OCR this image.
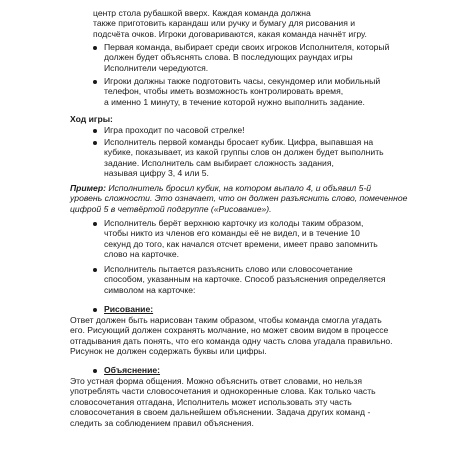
центр стола рубашкой вверх. Каждая команда должна
также приготовить карандаш или ручку и бумагу для рисования и
подсчёта очков. Игроки договариваются, какая команда начнёт игру.
Первая команда, выбирает среди своих игроков Исполнителя, который
должен будет объяснять слова. В последующих раундах игры
Исполнители чередуются.
Игроки должны также подготовить часы, секундомер или мобильный
телефон, чтобы иметь возможность контролировать время,
а именно 1 минуту, в течение которой нужно выполнить задание.
Ход игры:
Игра проходит по часовой стрелке!
Исполнитель первой команды бросает кубик. Цифра, выпавшая на
кубике, показывает, из какой группы слов он должен будет выполнить
задание. Исполнитель сам выбирает сложность задания,
называя цифру 3, 4 или 5.
Пример: Исполнитель бросил кубик, на котором выпало 4, и объявил 5-й
уровень сложности. Это означает, что он должен разъяснить слово, помеченное
цифрой 5 в четвёртой подгруппе («Рисование»).
Исполнитель берёт верхнюю карточку из колоды таким образом,
чтобы никто из членов его команды её не видел, и в течение 10
секунд до того, как начался отсчет времени, имеет право запомнить
слово на карточке.
Исполнитель пытается разъяснить слово или словосочетание
способом, указанным на карточке. Способ разъяснения определяется
символом на карточке:
Рисование:
Ответ должен быть нарисован таким образом, чтобы команда смогла угадать
его. Рисующий должен сохранять молчание, но может своим видом в процессе
отгадывания дать понять, что его команда одну часть слова угадала правильно.
Рисунок не должен содержать буквы или цифры.
Объяснение:
Это устная форма общения. Можно объяснить ответ словами, но нельзя
употреблять части словосочетания и однокоренные слова. Как только часть
словосочетания отгадана, Исполнитель может использовать эту часть
словосочетания в своем дальнейшем объяснении. Задача других команд -
следить за соблюдением правил объяснения.
